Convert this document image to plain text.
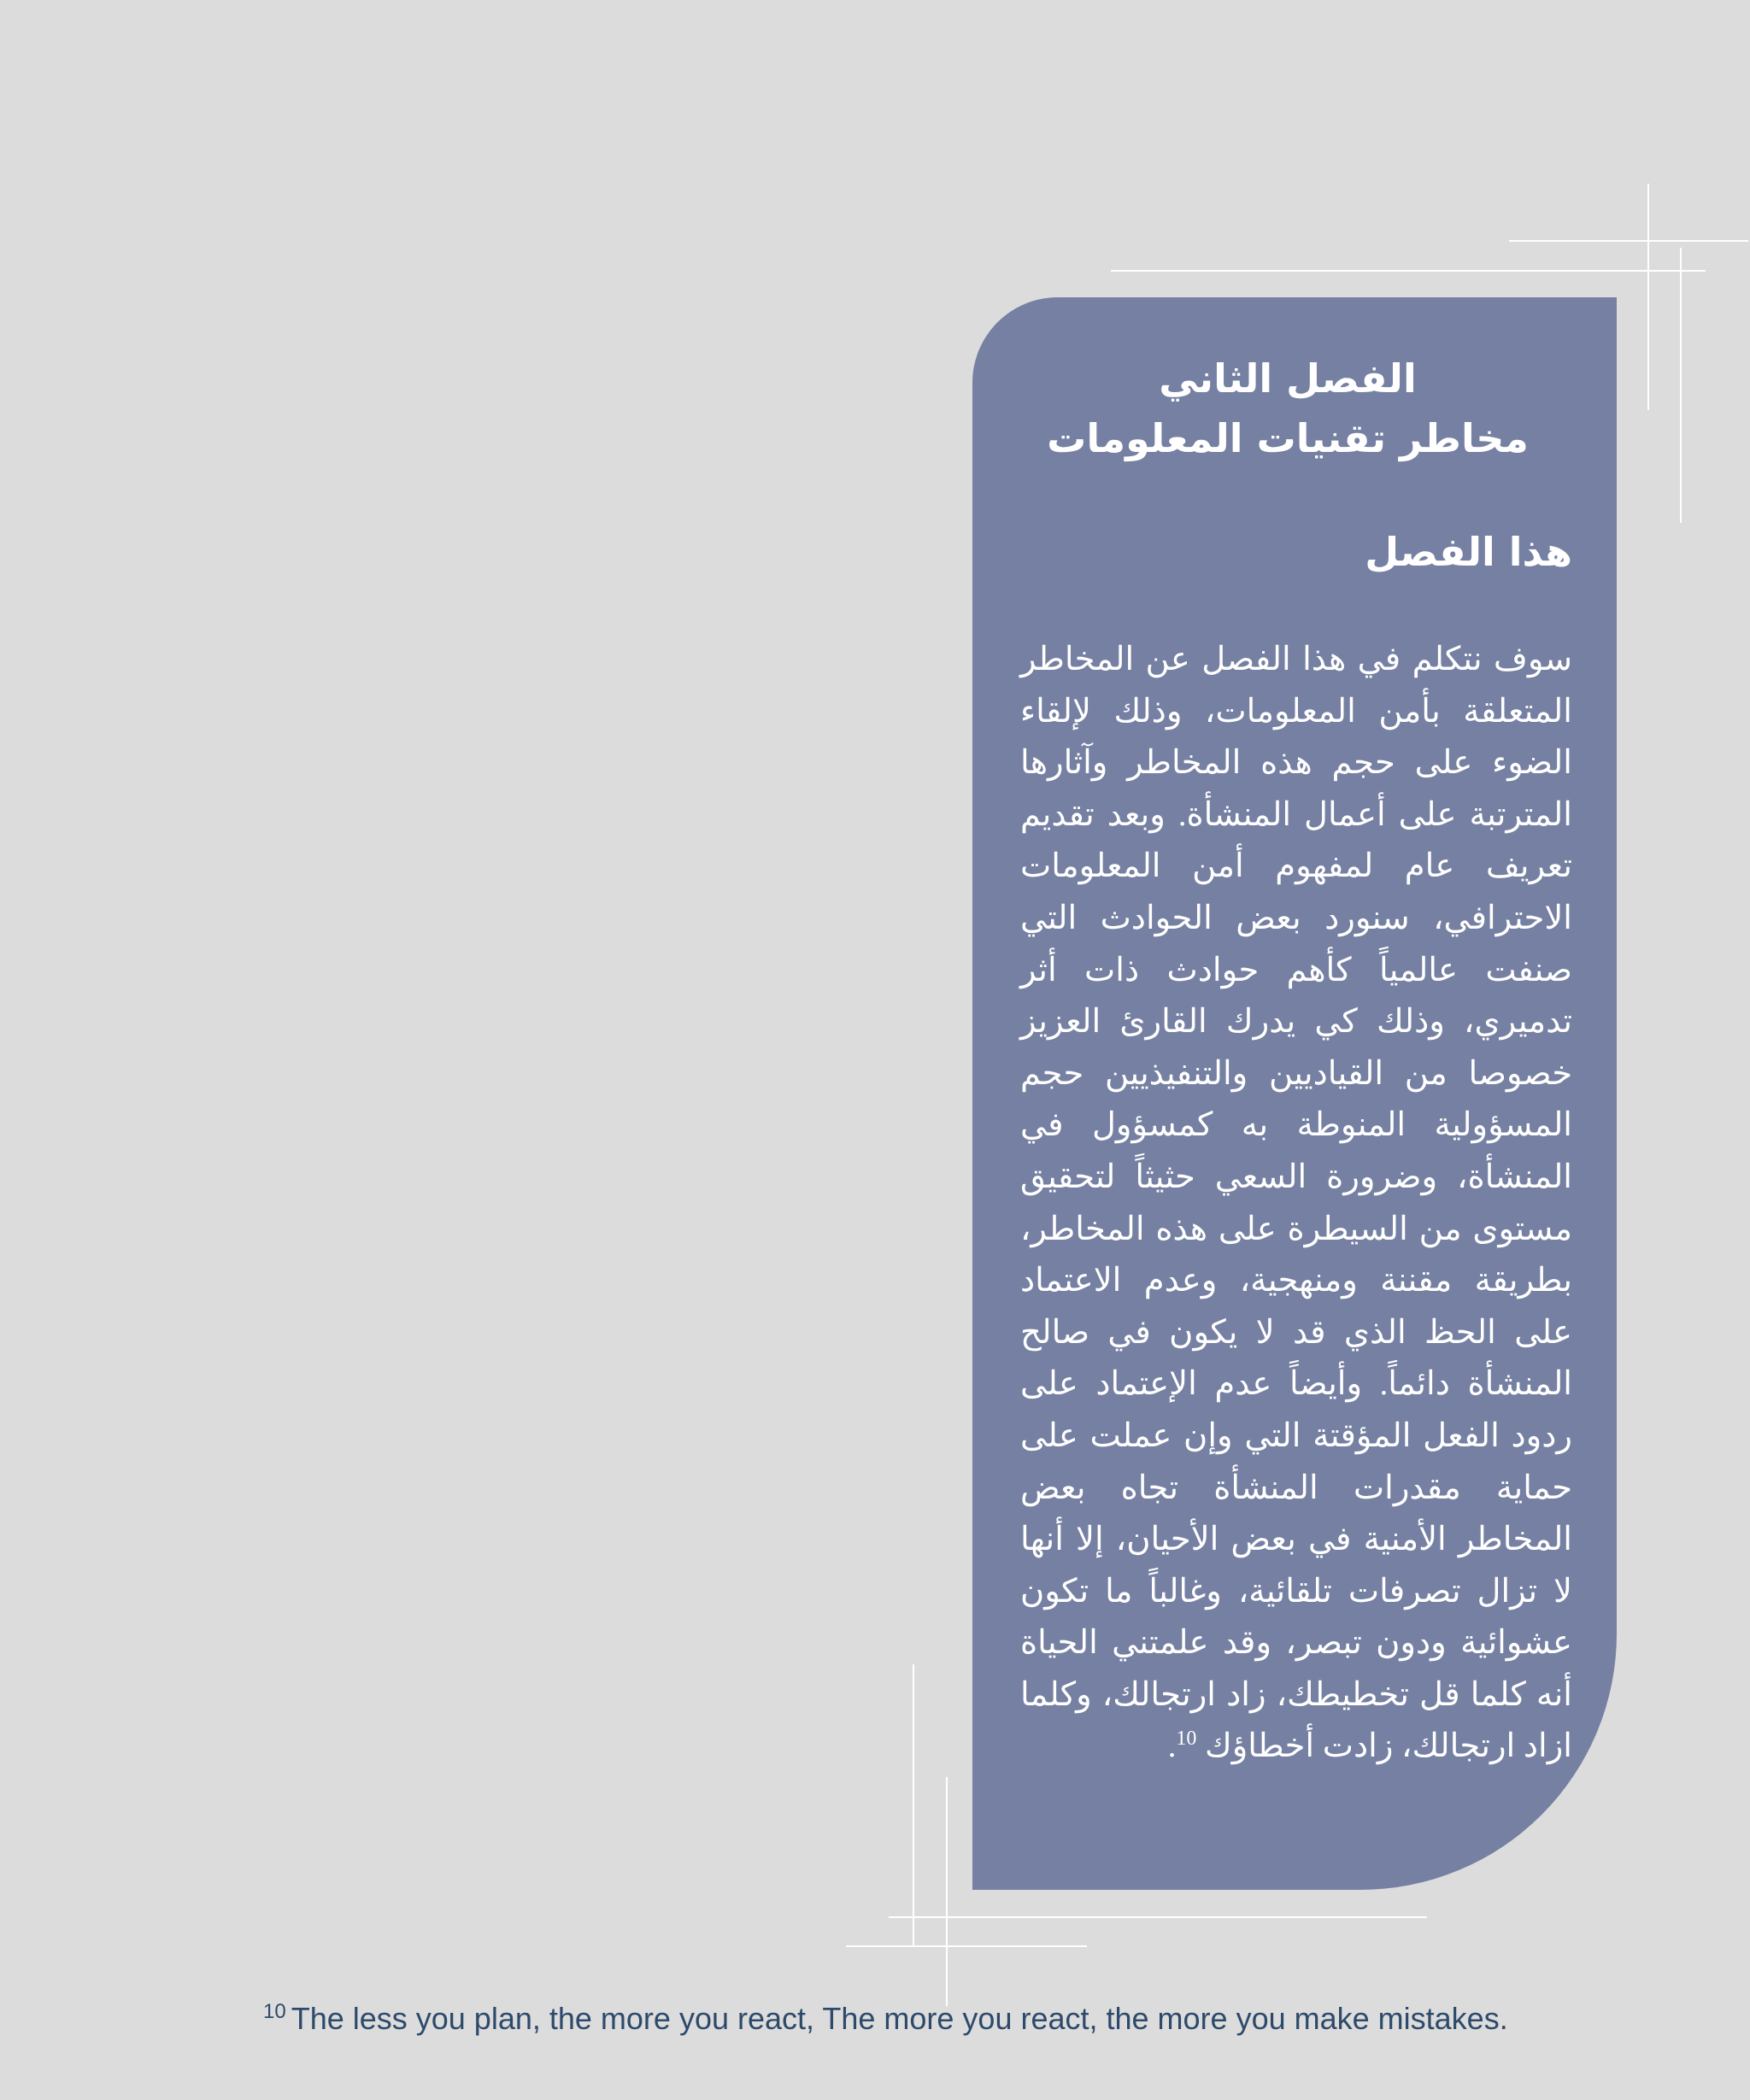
الفصل الثاني

مخاطر تقنيات المعلومات

هذا الفصل

سوف نتكلم في هذا الفصل عن المخاطر المتعلقة بأمن المعلومات، وذلك لإلقاء الضوء على حجم هذه المخاطر وآثارها المترتبة على أعمال المنشأة. وبعد تقديم تعريف عام لمفهوم أمن المعلومات الاحترافي، سنورد بعض الحوادث التي صنفت عالمياً كأهم حوادث ذات أثر تدميري، وذلك كي يدرك القارئ العزيز خصوصا من القياديين والتنفيذيين حجم المسؤولية المنوطة به كمسؤول في المنشأة، وضرورة السعي حثيثاً لتحقيق مستوى من السيطرة على هذه المخاطر، بطريقة مقننة ومنهجية، وعدم الاعتماد على الحظ الذي قد لا يكون في صالح المنشأة دائماً. وأيضاً عدم الإعتماد على ردود الفعل المؤقتة التي وإن عملت على حماية مقدرات المنشأة تجاه بعض المخاطر الأمنية في بعض الأحيان، إلا أنها لا تزال تصرفات تلقائية، وغالباً ما تكون عشوائية ودون تبصر، وقد علمتني الحياة أنه كلما قل تخطيطك، زاد ارتجالك، وكلما ازاد ارتجالك، زادت أخطاؤك $^{10}$.

$^{10}$ The less you plan, the more you react, The more you react, the more you make mistakes.
